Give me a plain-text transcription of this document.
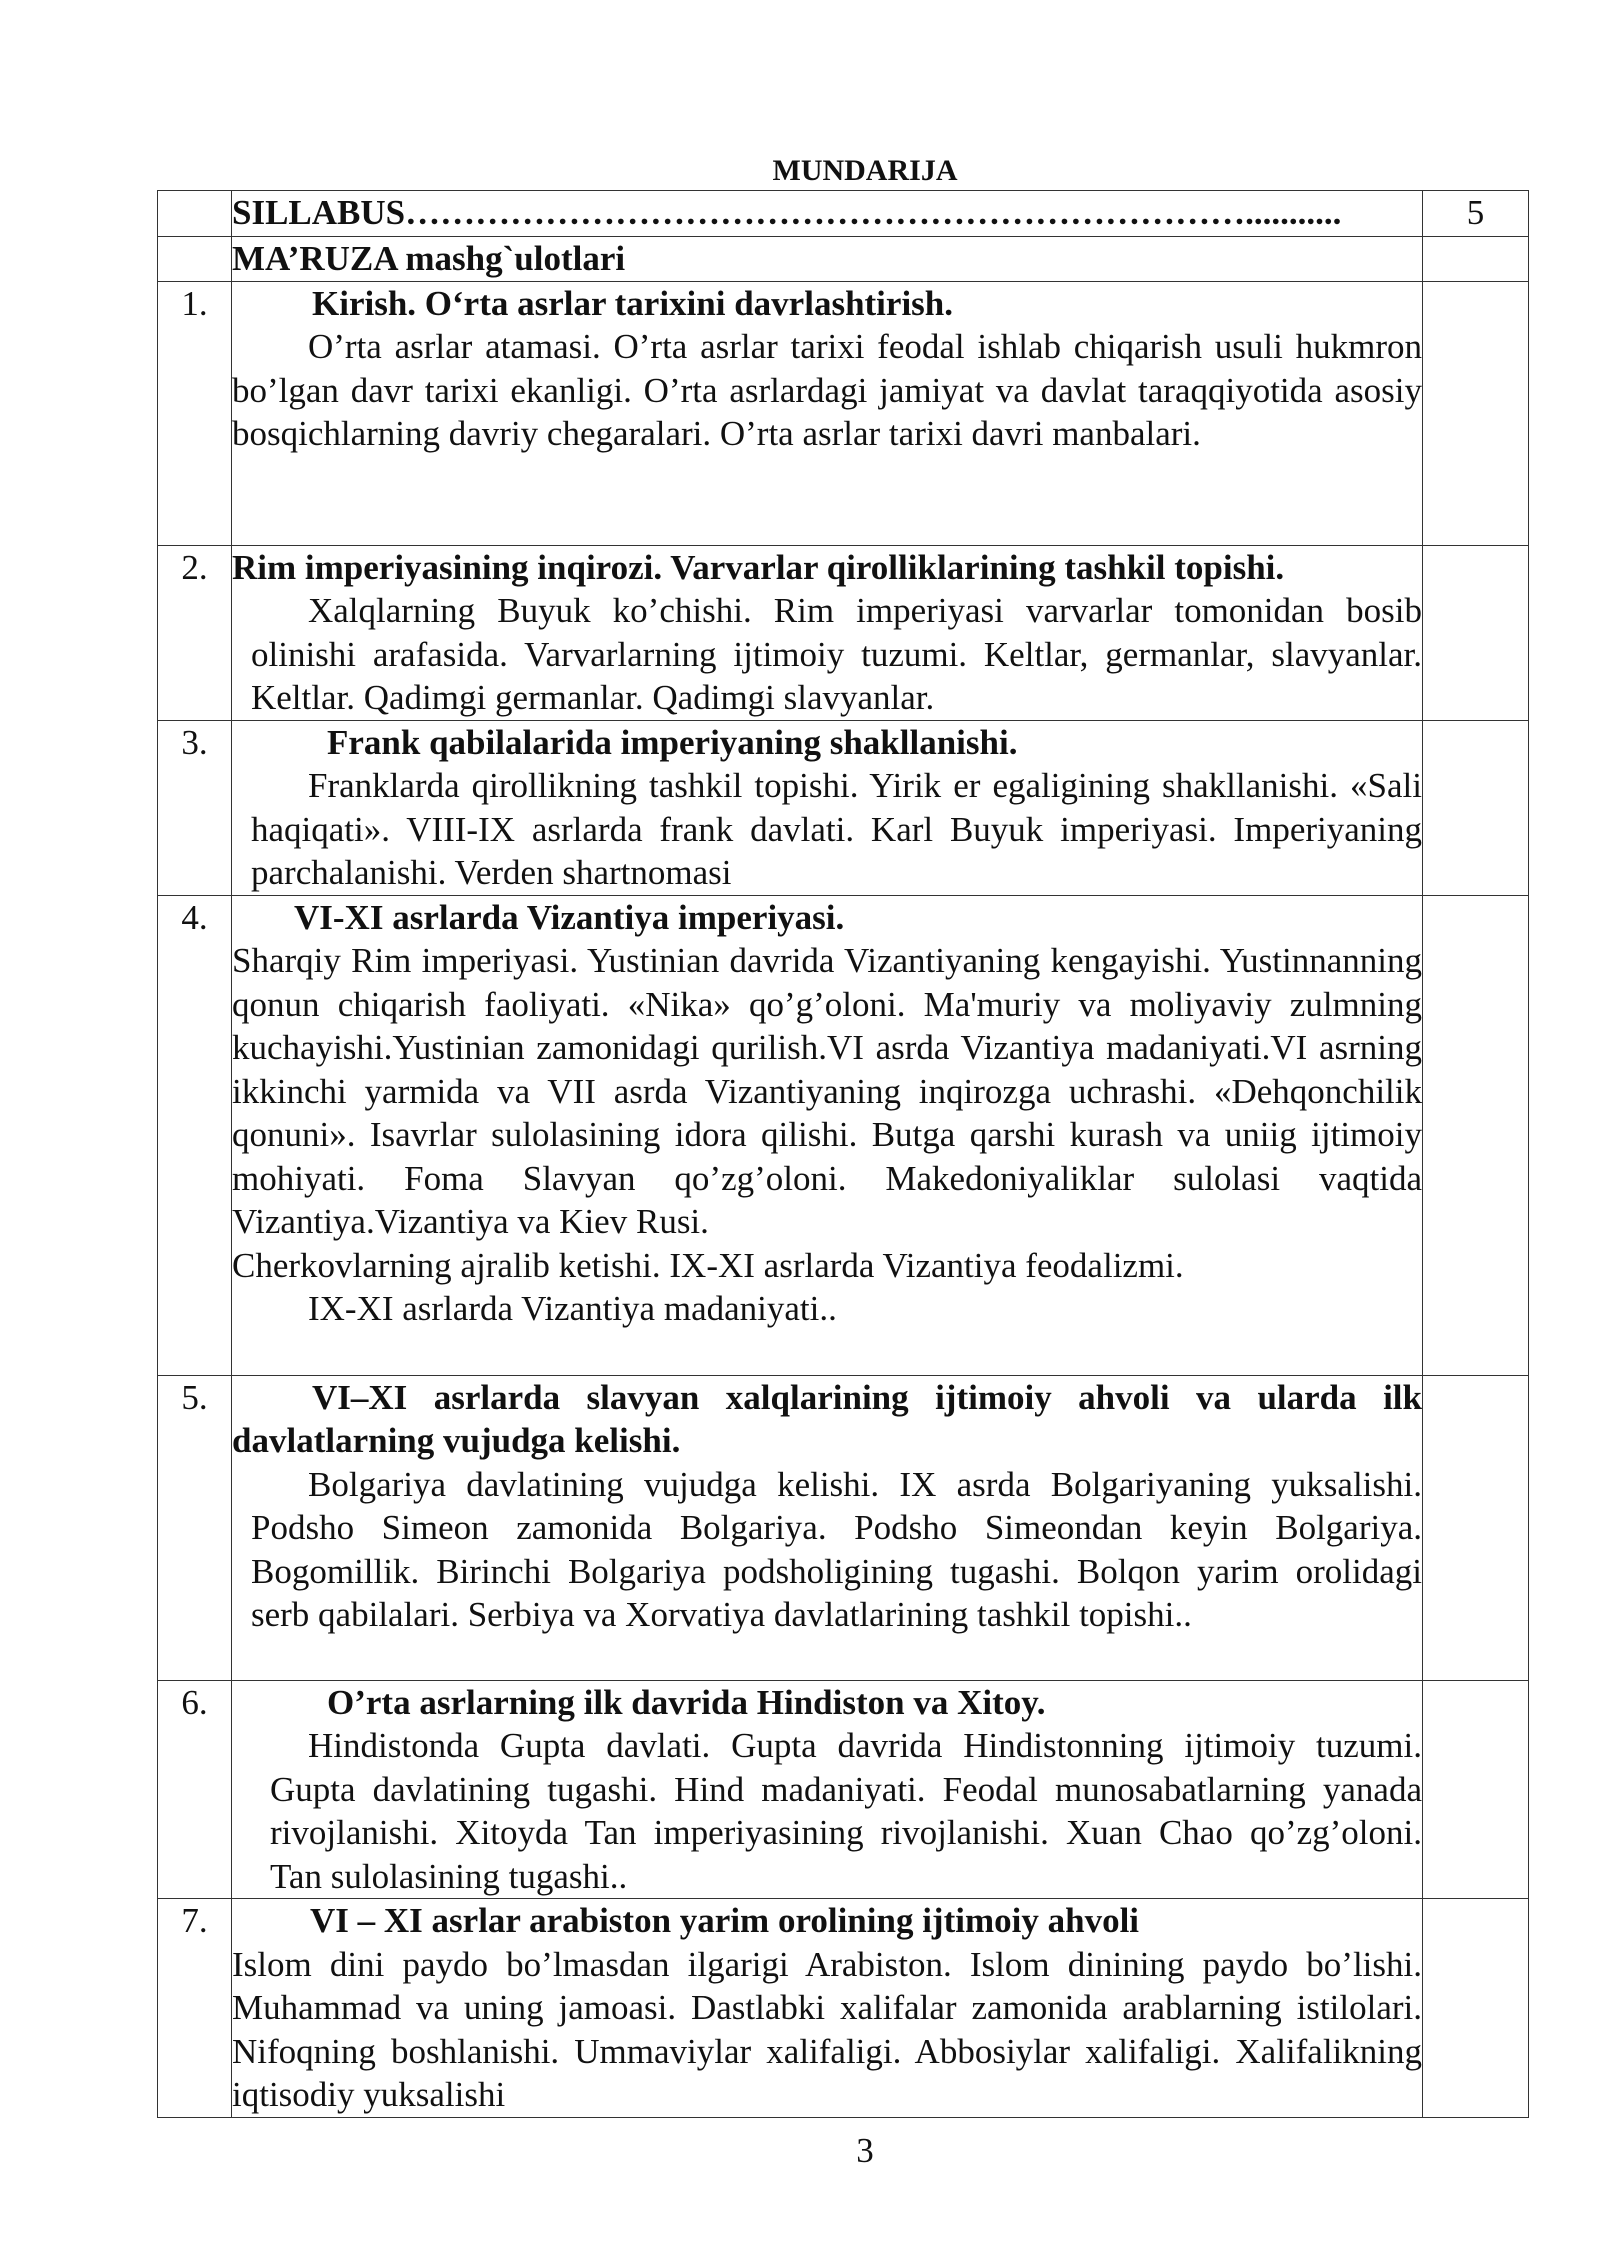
MUNDARIJA
	SILLABUS………………………………………………………………...........	5
	MA’RUZA mashg`ulotlari	
1.	Kirish. O‘rta asrlar tarixini davrlashtirish.
O’rta asrlar atamasi. O’rta asrlar tarixi feodal ishlab chiqarish usuli hukmron bo’lgan davr tarixi ekanligi. O’rta asrlardagi jamiyat va davlat taraqqiyotida asosiy bosqichlarning davriy chegaralari. O’rta asrlar tarixi davri manbalari.	

2.	Rim imperiyasining inqirozi. Varvarlar qirolliklarining tashkil topishi.
Xalqlarning Buyuk ko’chishi. Rim imperiyasi varvarlar tomonidan bosib olinishi arafasida. Varvarlarning ijtimoiy tuzumi. Keltlar, germanlar, slavyanlar. Keltlar. Qadimgi germanlar. Qadimgi slavyanlar.	

3.	Frank qabilalarida imperiyaning shakllanishi.
Franklarda qirollikning tashkil topishi. Yirik er egaligining shakllanishi. «Sali haqiqati». VIII-IX asrlarda frank davlati. Karl Buyuk imperiyasi. Imperiyaning parchalanishi. Verden shartnomasi	

4.	VI-XI asrlarda Vizantiya imperiyasi.
Sharqiy Rim imperiyasi. Yustinian davrida Vizantiyaning kengayishi. Yustinnanning qonun chiqarish faoliyati. «Nika» qo’g’oloni. Ma'muriy va moliyaviy zulmning kuchayishi.Yustinian zamonidagi qurilish.VI asrda Vizantiya madaniyati.VI asrning ikkinchi yarmida va VII asrda Vizantiyaning inqirozga uchrashi. «Dehqonchilik qonuni». Isavrlar sulolasining idora qilishi. Butga qarshi kurash va uniig ijtimoiy mohiyati. Foma Slavyan qo’zg’oloni. Makedoniyaliklar sulolasi vaqtida Vizantiya.Vizantiya va Kiev Rusi.
Cherkovlarning ajralib ketishi. IX-XI asrlarda Vizantiya feodalizmi.
IX-XI asrlarda Vizantiya madaniyati..	

5.	VI–XI asrlarda slavyan xalqlarining ijtimoiy ahvoli va ularda ilk davlatlarning vujudga kelishi.
Bolgariya davlatining vujudga kelishi. IX asrda Bolgariyaning yuksalishi. Podsho Simeon zamonida Bolgariya. Podsho Simeondan keyin Bolgariya. Bogomillik. Birinchi Bolgariya podsholigining tugashi. Bolqon yarim orolidagi serb qabilalari. Serbiya va Xorvatiya davlatlarining tashkil topishi..	

6.	O’rta asrlarning ilk davrida Hindiston va Xitoy.
Hindistonda Gupta davlati. Gupta davrida Hindistonning ijtimoiy tuzumi. Gupta davlatining tugashi. Hind madaniyati. Feodal munosabatlarning yanada rivojlanishi. Xitoyda Tan imperiyasining rivojlanishi. Xuan Chao qo’zg’oloni. Tan sulolasining tugashi..	

7.	VI – XI asrlar arabiston yarim orolining ijtimoiy ahvoli
Islom dini paydo bo’lmasdan ilgarigi Arabiston. Islom dinining paydo bo’lishi. Muhammad va uning jamoasi. Dastlabki xalifalar zamonida arablarning istilolari. Nifoqning boshlanishi. Ummaviylar xalifaligi. Abbosiylar xalifaligi. Xalifalikning iqtisodiy yuksalishi	

3
